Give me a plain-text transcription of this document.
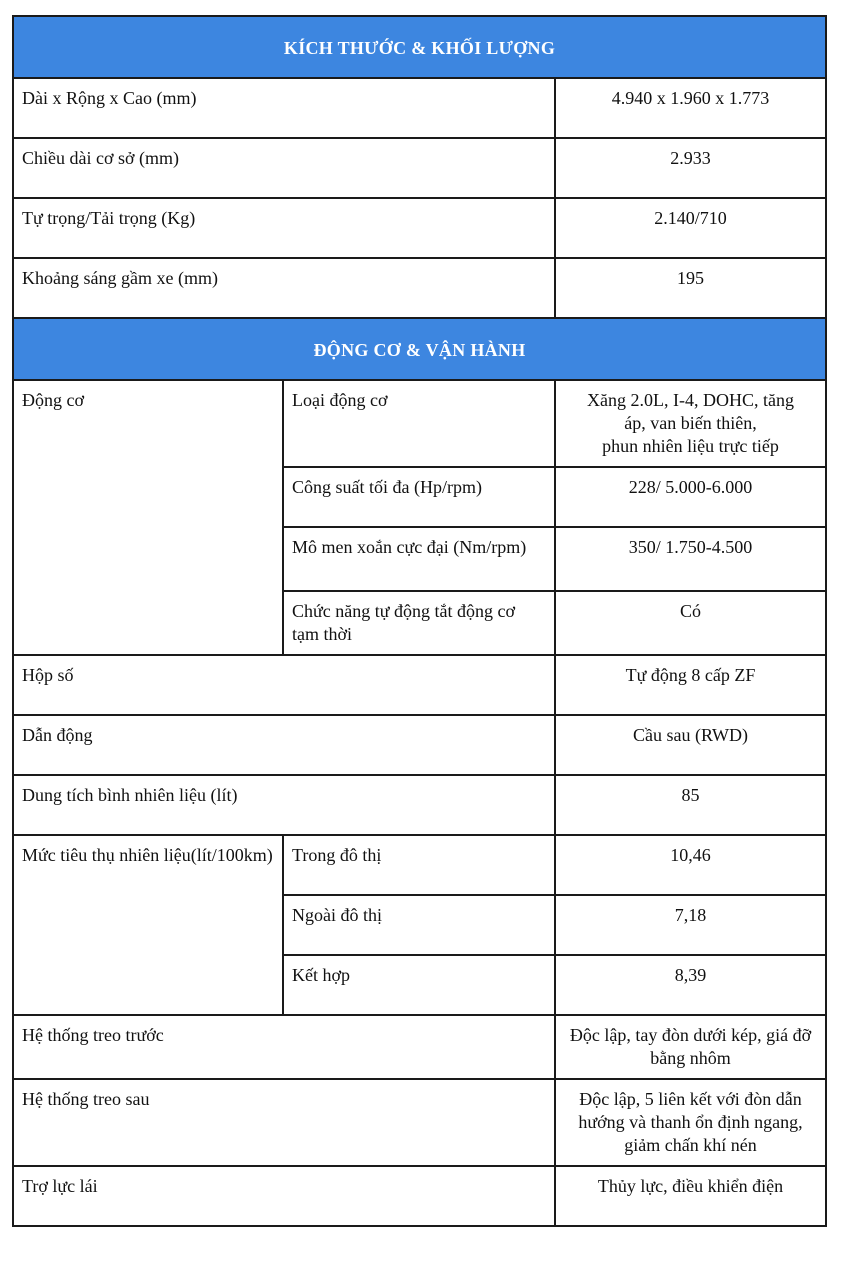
KÍCH THƯỚC & KHỐI LƯỢNG		
Dài x Rộng x Cao (mm)		4.940 x 1.960 x 1.773
Chiều dài cơ sở (mm)		2.933
Tự trọng/Tải trọng (Kg)		2.140/710
Khoảng sáng gầm xe (mm)		195
ĐỘNG CƠ & VẬN HÀNH		
Động cơ	Loại động cơ	Xăng 2.0L, I-4, DOHC, tăng
áp, van biến thiên,
phun nhiên liệu trực tiếp

	Công suất tối đa (Hp/rpm)	228/ 5.000-6.000
	Mô men xoắn cực đại (Nm/rpm)	350/ 1.750-4.500
	Chức năng tự động tắt động cơ tạm thời	Có
Hộp số		Tự động 8 cấp ZF
Dẫn động		Cầu sau (RWD)
Dung tích bình nhiên liệu (lít)		85
Mức tiêu thụ nhiên liệu(lít/100km)	Trong đô thị	10,46
	Ngoài đô thị	7,18
	Kết hợp	8,39
Hệ thống treo trước		Độc lập, tay đòn dưới kép, giá đỡ bằng nhôm
Hệ thống treo sau		Độc lập, 5 liên kết với đòn dẫn hướng và thanh ổn định ngang, giảm chấn khí nén
Trợ lực lái		Thủy lực, điều khiển điện
